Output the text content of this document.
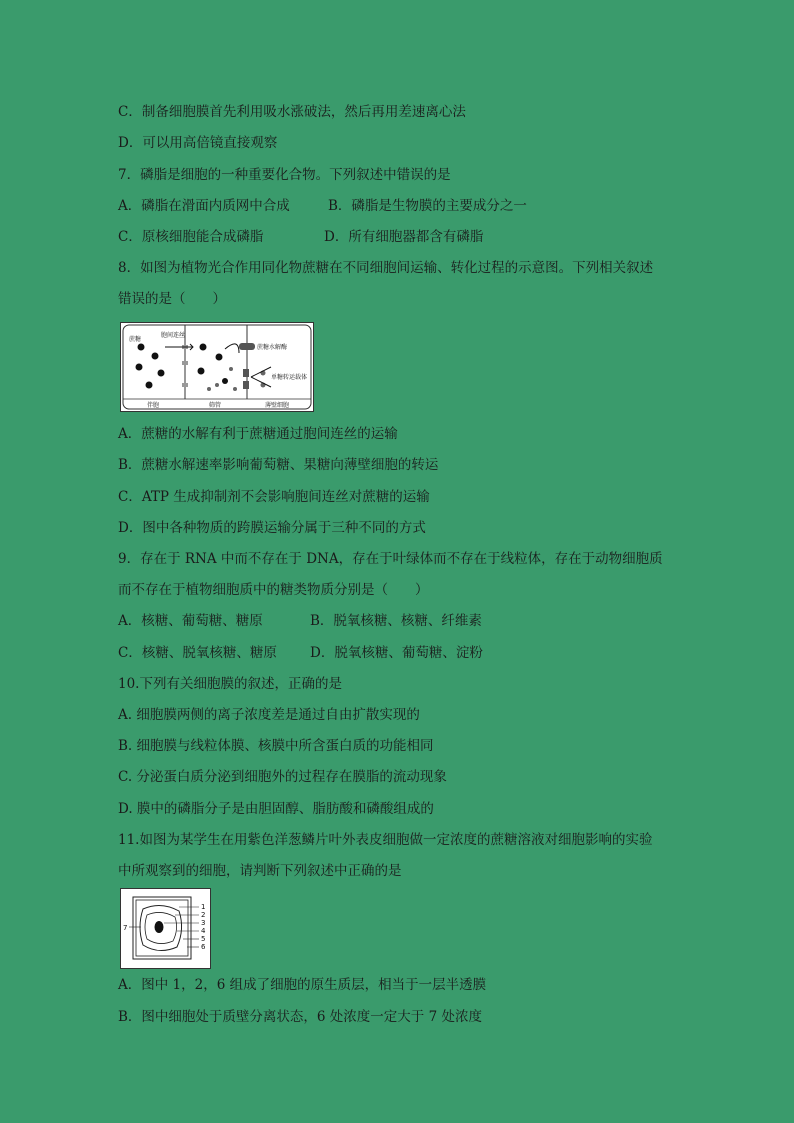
C．制备细胞膜首先利用吸水涨破法，然后再用差速离心法
D．可以用高倍镜直接观察
7．磷脂是细胞的一种重要化合物。下列叙述中错误的是
A．磷脂在滑面内质网中合成	B．磷脂是生物膜的主要成分之一
C．原核细胞能合成磷脂	D．所有细胞器都含有磷脂
8．如图为植物光合作用同化物蔗糖在不同细胞间运输、转化过程的示意图。下列相关叙述
错误的是（　　）
蔗糖
胞间连丝
蔗糖水解酶
单糖转运载体
伴胞	筛管	薄壁细胞
A．蔗糖的水解有利于蔗糖通过胞间连丝的运输
B．蔗糖水解速率影响葡萄糖、果糖向薄壁细胞的转运
C．ATP 生成抑制剂不会影响胞间连丝对蔗糖的运输
D．图中各种物质的跨膜运输分属于三种不同的方式
9．存在于 RNA 中而不存在于 DNA，存在于叶绿体而不存在于线粒体，存在于动物细胞质
而不存在于植物细胞质中的糖类物质分别是（　　）
A．核糖、葡萄糖、糖原	B．脱氧核糖、核糖、纤维素
C．核糖、脱氧核糖、糖原 D．脱氧核糖、葡萄糖、淀粉
10.下列有关细胞膜的叙述，正确的是
A. 细胞膜两侧的离子浓度差是通过自由扩散实现的
B. 细胞膜与线粒体膜、核膜中所含蛋白质的功能相同
C. 分泌蛋白质分泌到细胞外的过程存在膜脂的流动现象
D. 膜中的磷脂分子是由胆固醇、脂肪酸和磷酸组成的
11.如图为某学生在用紫色洋葱鳞片叶外表皮细胞做一定浓度的蔗糖溶液对细胞影响的实验
中所观察到的细胞，请判断下列叙述中正确的是
1
2
3
4
5
6
7
A．图中 1，2，6 组成了细胞的原生质层，相当于一层半透膜
B．图中细胞处于质壁分离状态，6 处浓度一定大于 7 处浓度
